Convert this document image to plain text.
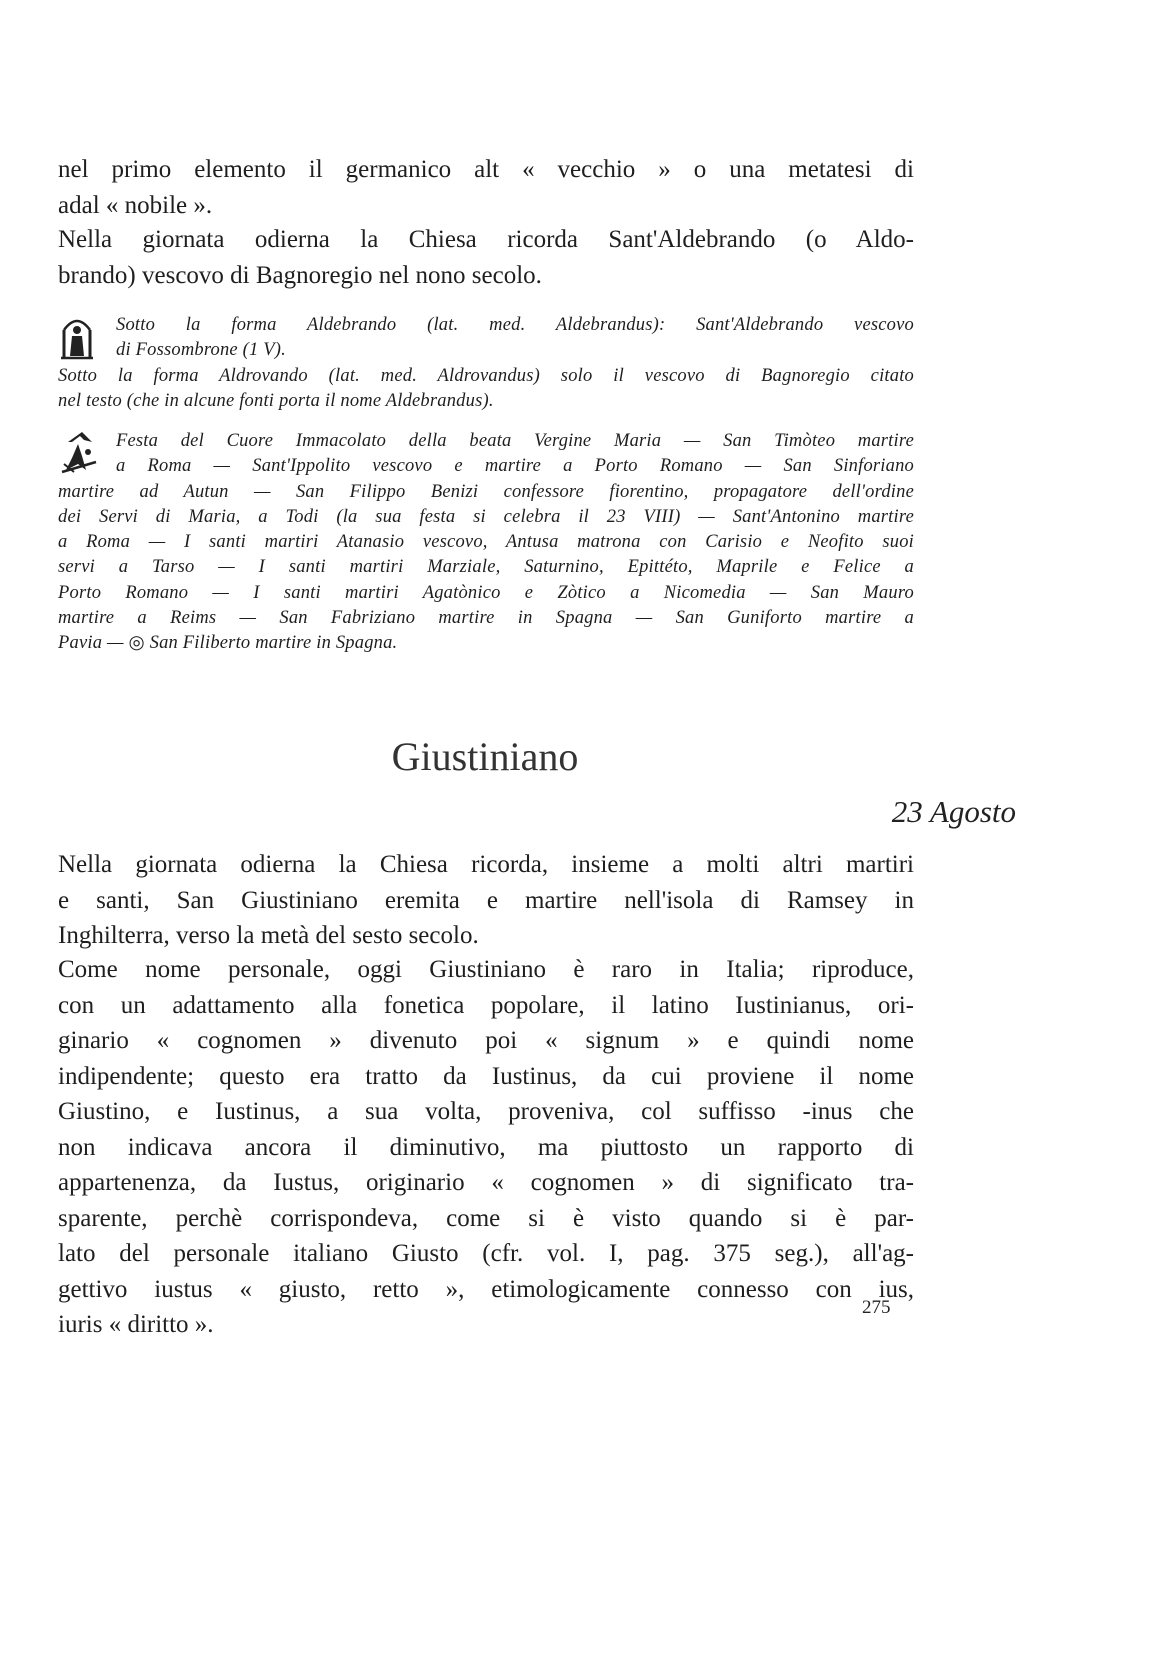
nel primo elemento il germanico alt « vecchio » o una metatesi di
adal « nobile ».
Nella giornata odierna la Chiesa ricorda Sant'Aldebrando (o Aldo-
brando) vescovo di Bagnoregio nel nono secolo.
Sotto la forma Aldebrando (lat. med. Aldebrandus): Sant'Aldebrando vescovo
di Fossombrone (1 V).
Sotto la forma Aldrovando (lat. med. Aldrovandus) solo il vescovo di Bagnoregio citato
nel testo (che in alcune fonti porta il nome Aldebrandus).
Festa del Cuore Immacolato della beata Vergine Maria — San Timòteo martire
a Roma — Sant'Ippolito vescovo e martire a Porto Romano — San Sinforiano
martire ad Autun — San Filippo Benizi confessore fiorentino, propagatore dell'ordine
dei Servi di Maria, a Todi (la sua festa si celebra il 23 VIII) — Sant'Antonino martire
a Roma — I santi martiri Atanasio vescovo, Antusa matrona con Carisio e Neofito suoi
servi a Tarso — I santi martiri Marziale, Saturnino, Epittéto, Maprile e Felice a
Porto Romano — I santi martiri Agatònico e Zòtico a Nicomedia — San Mauro
martire a Reims — San Fabriziano martire in Spagna — San Guniforto martire a
Pavia — ◎ San Filiberto martire in Spagna.
Giustiniano
23 Agosto
Nella giornata odierna la Chiesa ricorda, insieme a molti altri martiri
e santi, San Giustiniano eremita e martire nell'isola di Ramsey in
Inghilterra, verso la metà del sesto secolo.
Come nome personale, oggi Giustiniano è raro in Italia; riproduce,
con un adattamento alla fonetica popolare, il latino Iustinianus, ori-
ginario « cognomen » divenuto poi « signum » e quindi nome
indipendente; questo era tratto da Iustinus, da cui proviene il nome
Giustino, e Iustinus, a sua volta, proveniva, col suffisso -inus che
non indicava ancora il diminutivo, ma piuttosto un rapporto di
appartenenza, da Iustus, originario « cognomen » di significato tra-
sparente, perchè corrispondeva, come si è visto quando si è par-
lato del personale italiano Giusto (cfr. vol. I, pag. 375 seg.), all'ag-
gettivo iustus « giusto, retto », etimologicamente connesso con ius,
iuris « diritto ».
275
